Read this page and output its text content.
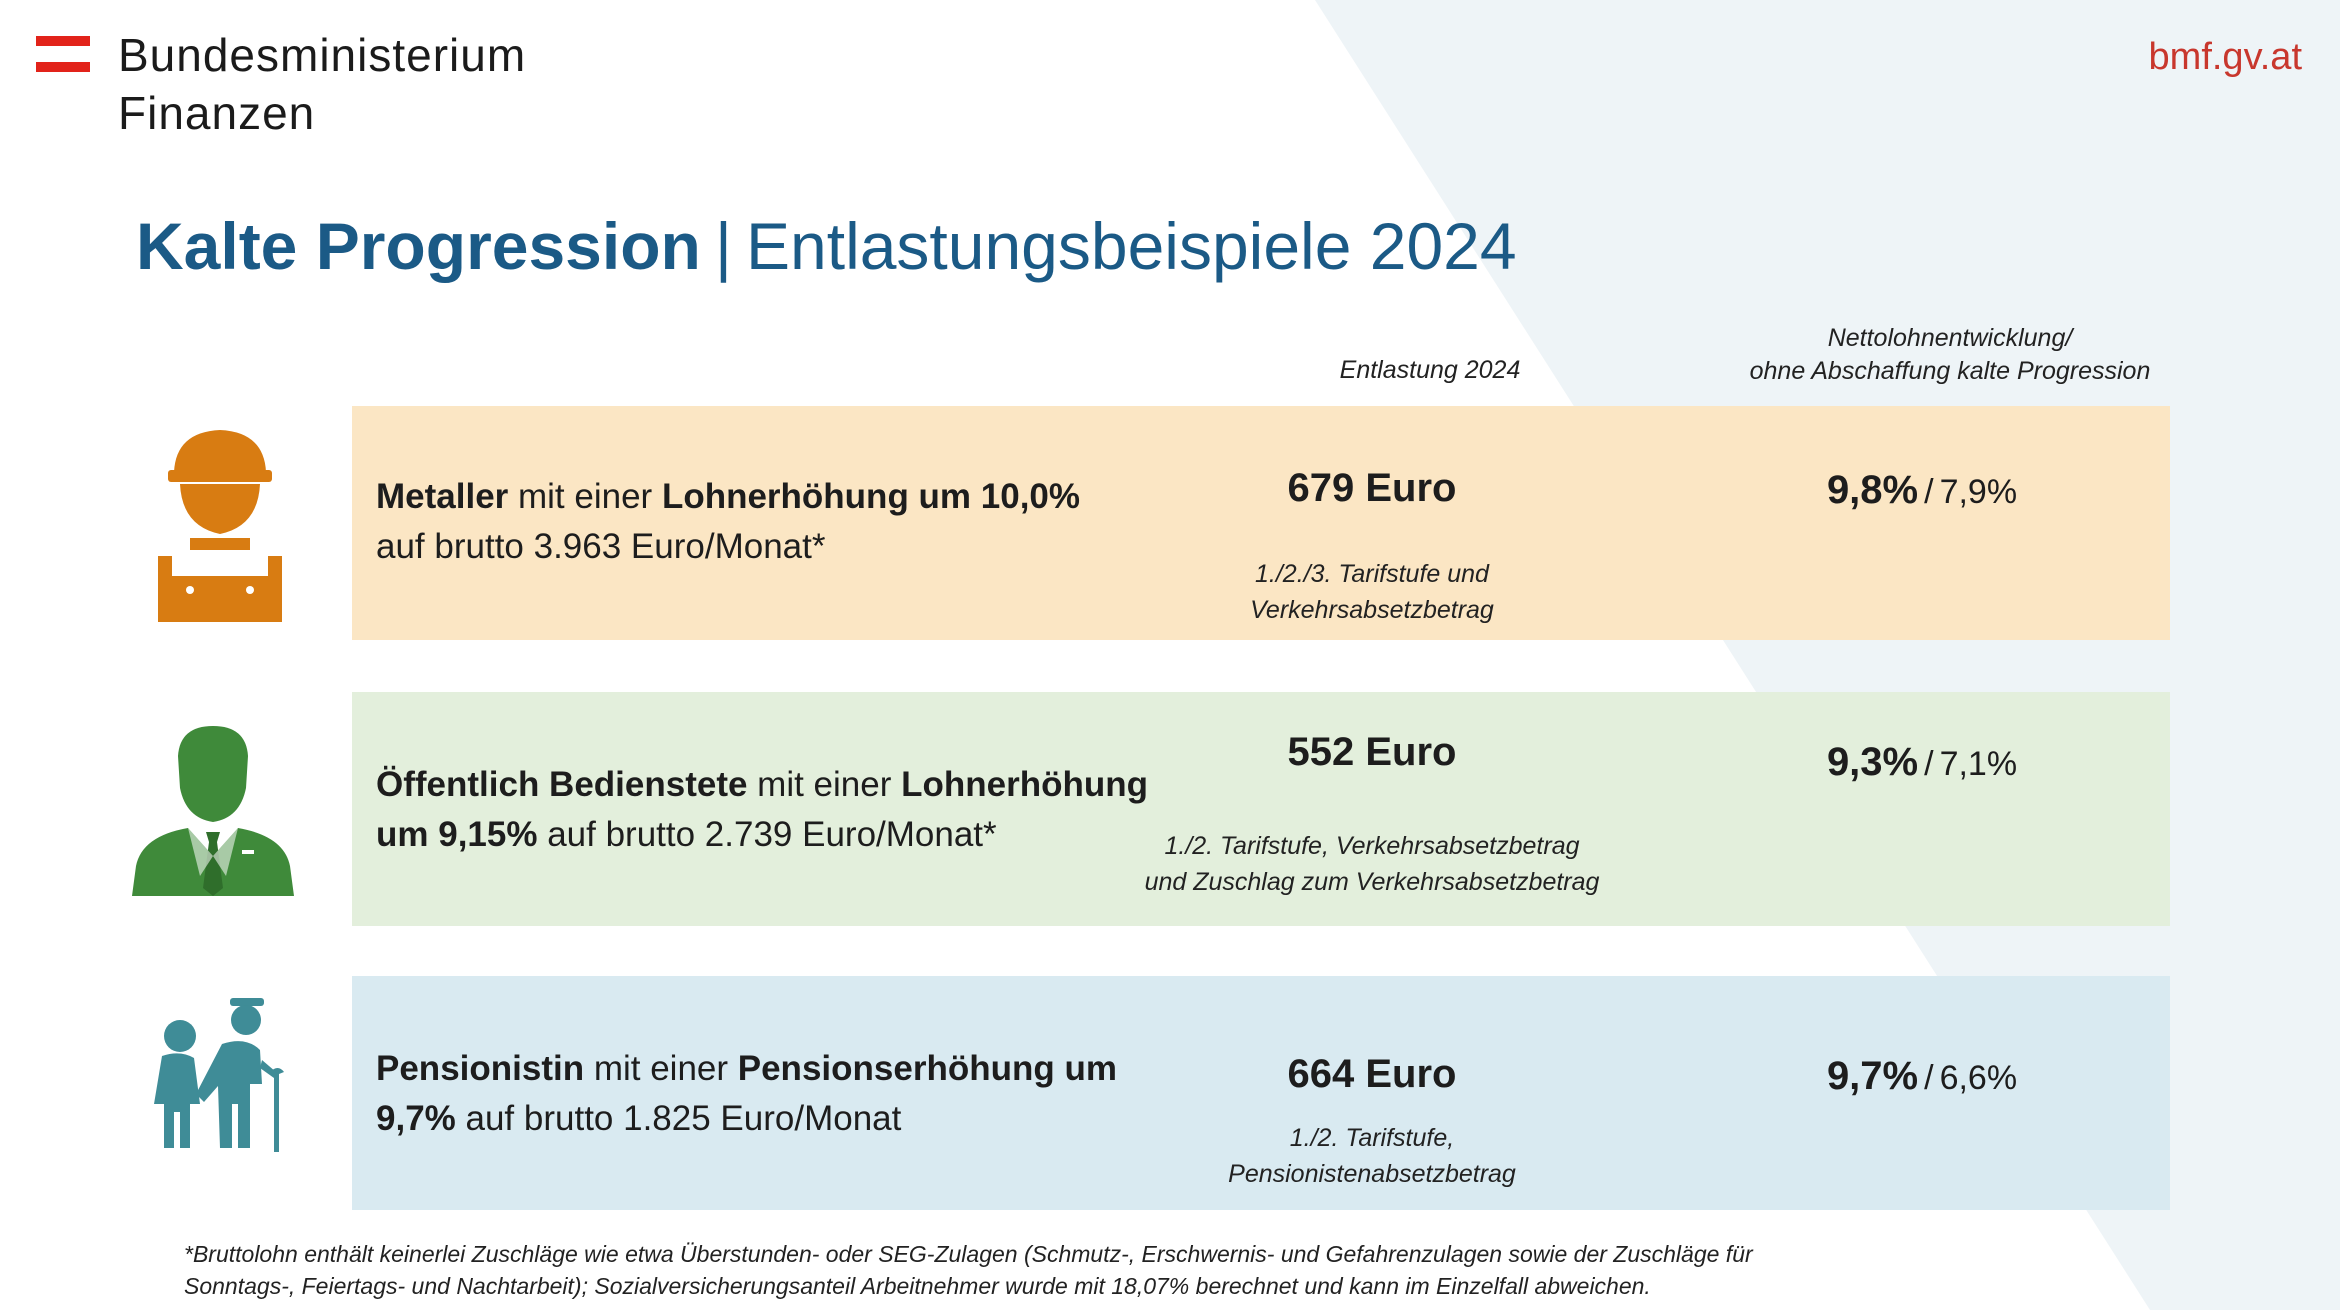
Bundesministerium
Finanzen
bmf.gv.at
Kalte Progression | Entlastungsbeispiele 2024
Entlastung 2024
Nettolohnentwicklung/
ohne Abschaffung kalte Progression
Metaller mit einer Lohnerhöhung um 10,0%
auf brutto 3.963 Euro/Monat*
679 Euro
1./2./3. Tarifstufe und
Verkehrsabsetzbetrag
9,8% / 7,9%
Öffentlich Bedienstete mit einer Lohnerhöhung
um 9,15% auf brutto 2.739 Euro/Monat*
552 Euro
1./2. Tarifstufe, Verkehrsabsetzbetrag
und Zuschlag zum Verkehrsabsetzbetrag
9,3% / 7,1%
Pensionistin mit einer Pensionserhöhung um
9,7% auf brutto 1.825 Euro/Monat
664 Euro
1./2. Tarifstufe,
Pensionistenabsetzbetrag
9,7% / 6,6%
*Bruttolohn enthält keinerlei Zuschläge wie etwa Überstunden- oder SEG-Zulagen (Schmutz-, Erschwernis- und Gefahrenzulagen sowie der Zuschläge für
Sonntags-, Feiertags- und Nachtarbeit); Sozialversicherungsanteil Arbeitnehmer wurde mit 18,07% berechnet und kann im Einzelfall abweichen.
